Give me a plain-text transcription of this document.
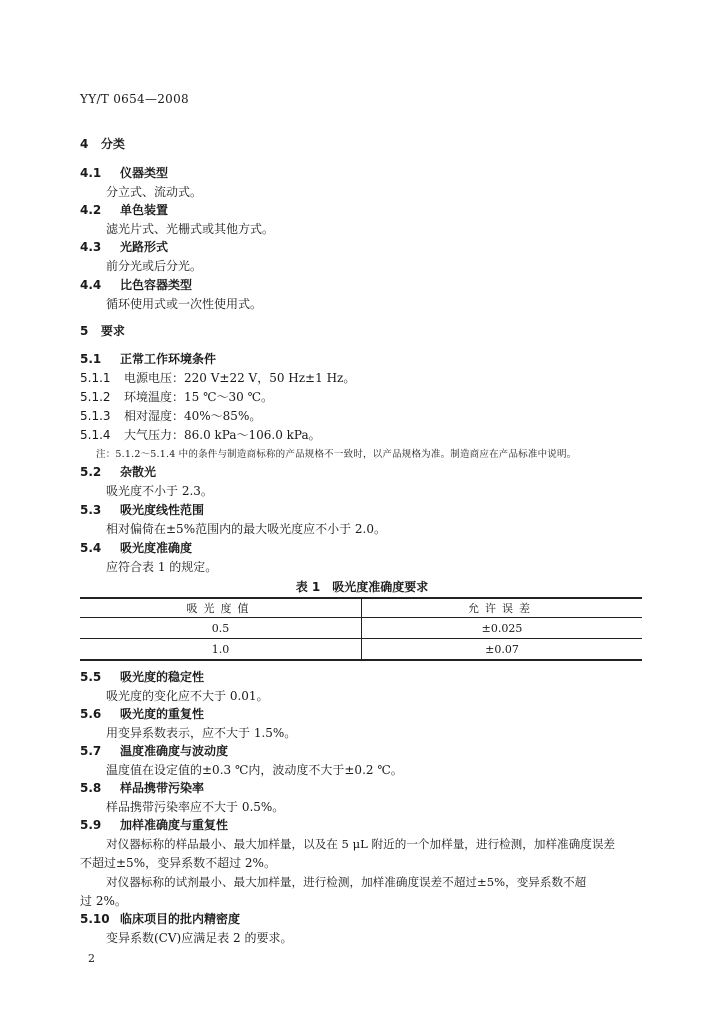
YY/T 0654—2008
4 分类
4.1 仪器类型
分立式、流动式。
4.2 单色装置
滤光片式、光栅式或其他方式。
4.3 光路形式
前分光或后分光。
4.4 比色容器类型
循环使用式或一次性使用式。
5 要求
5.1 正常工作环境条件
5.1.1 电源电压：220 V±22 V，50 Hz±1 Hz。
5.1.2 环境温度：15 ℃～30 ℃。
5.1.3 相对湿度：40%～85%。
5.1.4 大气压力：86.0 kPa～106.0 kPa。
注：5.1.2～5.1.4 中的条件与制造商标称的产品规格不一致时，以产品规格为准。制造商应在产品标准中说明。
5.2 杂散光
吸光度不小于 2.3。
5.3 吸光度线性范围
相对偏倚在±5%范围内的最大吸光度应不小于 2.0。
5.4 吸光度准确度
应符合表 1 的规定。
表 1　吸光度准确度要求
吸光度值	允许误差
0.5	±0.025
1.0	±0.07
5.5 吸光度的稳定性
吸光度的变化应不大于 0.01。
5.6 吸光度的重复性
用变异系数表示，应不大于 1.5%。
5.7 温度准确度与波动度
温度值在设定值的±0.3 ℃内，波动度不大于±0.2 ℃。
5.8 样品携带污染率
样品携带污染率应不大于 0.5%。
5.9 加样准确度与重复性
对仪器标称的样品最小、最大加样量，以及在 5 μL 附近的一个加样量，进行检测，加样准确度误差
不超过±5%，变异系数不超过 2%。
对仪器标称的试剂最小、最大加样量，进行检测，加样准确度误差不超过±5%，变异系数不超
过 2%。
5.10 临床项目的批内精密度
变异系数(CV)应满足表 2 的要求。
2
